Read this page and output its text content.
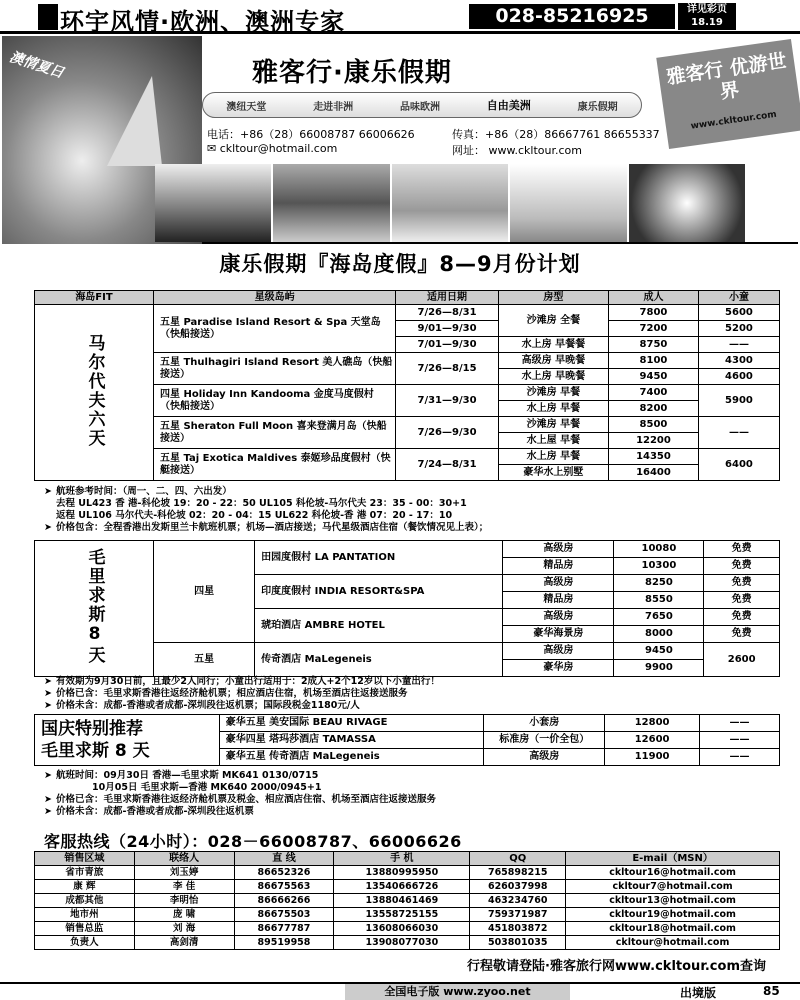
环宇风情·欧洲、澳洲专家	028-85216925	详见彩页 18.19
澳情夏日	雅客行·康乐假期
澳纽天堂	走进非洲	品味欧洲	自由美洲	康乐假期
雅客行 优游世界
www.ckltour.com
电话：+86（28）66008787 66006626	传真：+86（28）86667761 86655337
✉ ckltour@hotmail.com	网址： www.ckltour.com
康乐假期『海岛度假』8—9月份计划
海岛FIT	星级岛屿	适用日期	房型	成人	小童
马尔代夫六天	五星 Paradise Island Resort & Spa 天堂岛（快船接送）	7/26—8/31	沙滩房 全餐	7800	5600
		9/01—9/30		7200	5200
		7/01—9/30	水上房 早餐餐	8750	——
	五星 Thulhagiri Island Resort 美人礁岛（快船接送）	7/26—8/15	高级房 早晚餐	8100	4300
			水上房 早晚餐	9450	4600
	四星 Holiday Inn Kandooma 金度马度假村（快船接送）	7/31—9/30	沙滩房 早餐	7400	5900
			水上房 早餐	8200	
	五星 Sheraton Full Moon 喜来登满月岛（快船接送）	7/26—9/30	沙滩房 早餐	8500	——
			水上屋 早餐	12200	
	五星 Taj Exotica Maldives 泰姬珍品度假村（快艇接送）	7/24—8/31	水上房 早餐	14350	6400
			豪华水上别墅	16400	
➤ 航班参考时间：（周一、二、四、六出发）
去程 UL423 香 港-科伦坡 19：20 - 22：50 UL105 科伦坡-马尔代夫 23：35 - 00：30+1
返程 UL106 马尔代夫-科伦坡 02：20 - 04：15 UL622 科伦坡-香 港 07：20 - 17：10
➤ 价格包含：全程香港出发斯里兰卡航班机票；机场—酒店接送；马代星级酒店住宿（餐饮情况见上表）；
毛里求斯8天	四星	田园度假村 LA PANTATION	高级房	10080	免费
			精品房	10300	免费
		印度度假村 INDIA RESORT&SPA	高级房	8250	免费
			精品房	8550	免费
		琥珀酒店 AMBRE HOTEL	高级房	7650	免费
			豪华海景房	8000	免费
	五星	传奇酒店 MaLegeneis	高级房	9450	2600
			豪华房	9900	
➤ 有效期为9月30日前，且最少2人同行；小童出行适用于：2成人+2个12岁以下小童出行！
➤ 价格已含：毛里求斯香港往返经济舱机票；相应酒店住宿，机场至酒店往返接送服务
➤ 价格未含：成都-香港或者成都-深圳段往返机票；国际段税金1180元/人
国庆特别推荐
毛里求斯 8 天	豪华五星 美安国际 BEAU RIVAGE	小套房	12800	——
	豪华四星 塔玛莎酒店 TAMASSA	标准房（一价全包）	12600	——
	豪华五星 传奇酒店 MaLegeneis	高级房	11900	——
➤ 航班时间：09月30日 香港—毛里求斯 MK641 0130/0715
10月05日 毛里求斯—香港 MK640 2000/0945+1
➤ 价格已含：毛里求斯香港往返经济舱机票及税金、相应酒店住宿、机场至酒店往返接送服务
➤ 价格未含：成都-香港或者成都-深圳段往返机票
客服热线（24小时）：028－66008787、66006626
销售区域	联络人	直 线	手 机	QQ	E-mail（MSN）
省市青旅	刘玉婷	86652326	13880995950	765898215	ckltour16@hotmail.com
康 辉	李 佳	86675563	13540666726	626037998	ckltour7@hotmail.com
成都其他	李明怡	86666266	13880461469	463234760	ckltour13@hotmail.com
地市州	庞 啸	86675503	13558725155	759371987	ckltour19@hotmail.com
销售总监	刘 海	86677787	13608066030	451803872	ckltour18@hotmail.com
负责人	高剑清	89519958	13908077030	503801035	ckltour@hotmail.com
行程敬请登陆·雅客旅行网www.ckltour.com查询
全国电子版 www.zyoo.net	出境版	85
